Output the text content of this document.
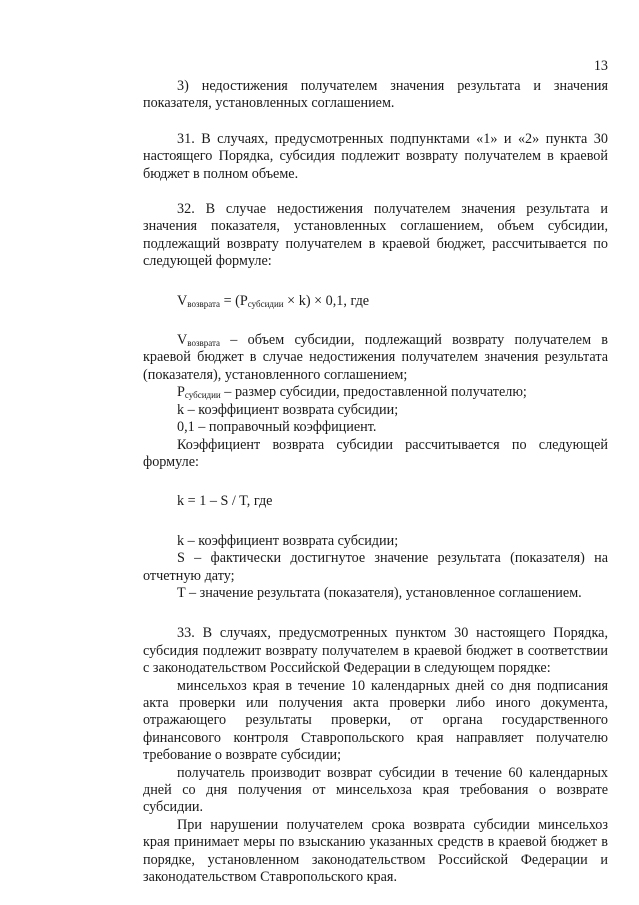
13

3) недостижения получателем значения результата и значения показателя, установленных соглашением.

31. В случаях, предусмотренных подпунктами «1» и «2» пункта 30 настоящего Порядка, субсидия подлежит возврату получателем в краевой бюджет в полном объеме.

32. В случае недостижения получателем значения результата и значения показателя, установленных соглашением, объем субсидии, подлежащий возврату получателем в краевой бюджет, рассчитывается по следующей формуле:

$V_{возврата} = (P_{субсидии} \times k) \times 0,1$, где

$V_{возврата}$ – объем субсидии, подлежащий возврату получателем в краевой бюджет в случае недостижения получателем значения результата (показателя), установленного соглашением;

$P_{субсидии}$ – размер субсидии, предоставленной получателю;

k – коэффициент возврата субсидии;

0,1 – поправочный коэффициент.

Коэффициент возврата субсидии рассчитывается по следующей формуле:

k = 1 – S / T, где

k – коэффициент возврата субсидии;

S – фактически достигнутое значение результата (показателя) на отчетную дату;

T – значение результата (показателя), установленное соглашением.

33. В случаях, предусмотренных пунктом 30 настоящего Порядка, субсидия подлежит возврату получателем в краевой бюджет в соответствии с законодательством Российской Федерации в следующем порядке:

минсельхоз края в течение 10 календарных дней со дня подписания акта проверки или получения акта проверки либо иного документа, отражающего результаты проверки, от органа государственного финансового контроля Ставропольского края направляет получателю требование о возврате субсидии;

получатель производит возврат субсидии в течение 60 календарных дней со дня получения от минсельхоза края требования о возврате субсидии.

При нарушении получателем срока возврата субсидии минсельхоз края принимает меры по взысканию указанных средств в краевой бюджет в порядке, установленном законодательством Российской Федерации и законодательством Ставропольского края.
